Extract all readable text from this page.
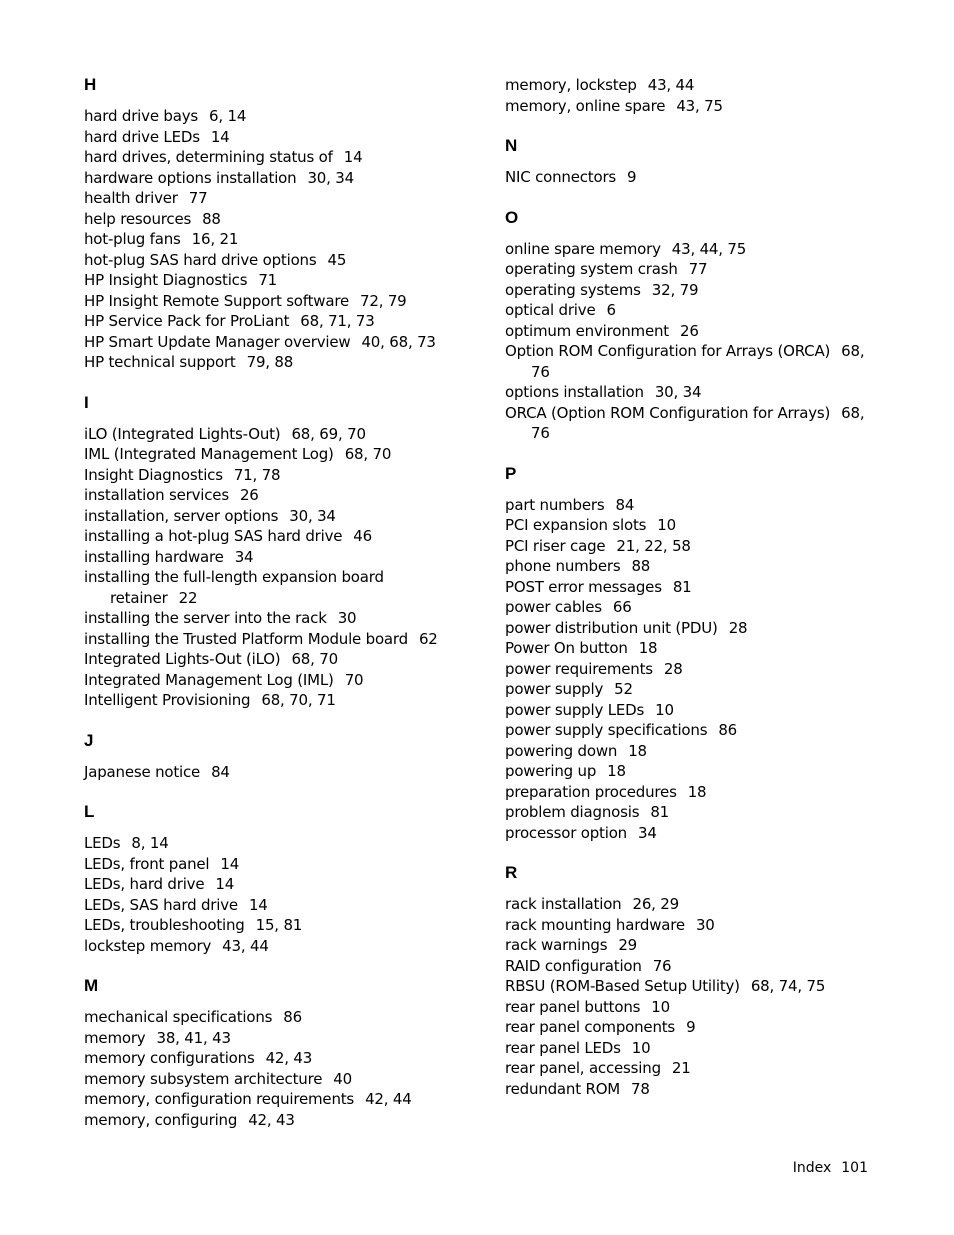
H
hard drive bays 6, 14
hard drive LEDs 14
hard drives, determining status of 14
hardware options installation 30, 34
health driver 77
help resources 88
hot-plug fans 16, 21
hot-plug SAS hard drive options 45
HP Insight Diagnostics 71
HP Insight Remote Support software 72, 79
HP Service Pack for ProLiant 68, 71, 73
HP Smart Update Manager overview 40, 68, 73
HP technical support 79, 88
I
iLO (Integrated Lights-Out) 68, 69, 70
IML (Integrated Management Log) 68, 70
Insight Diagnostics 71, 78
installation services 26
installation, server options 30, 34
installing a hot-plug SAS hard drive 46
installing hardware 34
installing the full-length expansion board retainer 22
installing the server into the rack 30
installing the Trusted Platform Module board 62
Integrated Lights-Out (iLO) 68, 70
Integrated Management Log (IML) 70
Intelligent Provisioning 68, 70, 71
J
Japanese notice 84
L
LEDs 8, 14
LEDs, front panel 14
LEDs, hard drive 14
LEDs, SAS hard drive 14
LEDs, troubleshooting 15, 81
lockstep memory 43, 44
M
mechanical specifications 86
memory 38, 41, 43
memory configurations 42, 43
memory subsystem architecture 40
memory, configuration requirements 42, 44
memory, configuring 42, 43
memory, lockstep 43, 44
memory, online spare 43, 75
N
NIC connectors 9
O
online spare memory 43, 44, 75
operating system crash 77
operating systems 32, 79
optical drive 6
optimum environment 26
Option ROM Configuration for Arrays (ORCA) 68, 76
options installation 30, 34
ORCA (Option ROM Configuration for Arrays) 68, 76
P
part numbers 84
PCI expansion slots 10
PCI riser cage 21, 22, 58
phone numbers 88
POST error messages 81
power cables 66
power distribution unit (PDU) 28
Power On button 18
power requirements 28
power supply 52
power supply LEDs 10
power supply specifications 86
powering down 18
powering up 18
preparation procedures 18
problem diagnosis 81
processor option 34
R
rack installation 26, 29
rack mounting hardware 30
rack warnings 29
RAID configuration 76
RBSU (ROM-Based Setup Utility) 68, 74, 75
rear panel buttons 10
rear panel components 9
rear panel LEDs 10
rear panel, accessing 21
redundant ROM 78
Index 101
